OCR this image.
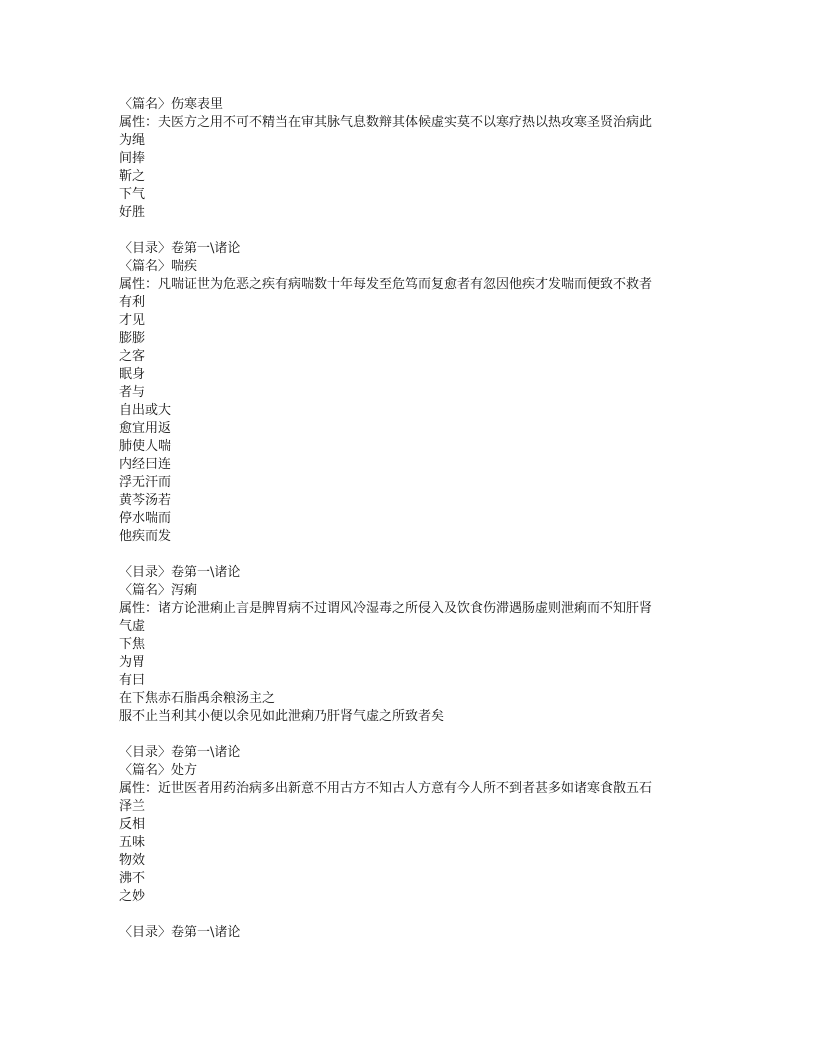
〈篇名〉伤寒表里
属性：夫医方之用不可不精当在审其脉气息数辩其体候虚实莫不以寒疗热以热攻寒圣贤治病此
为绳
间捧
靳之
下气
好胜
〈目录〉卷第一\诸论
〈篇名〉喘疾
属性：凡喘证世为危恶之疾有病喘数十年每发至危笃而复愈者有忽因他疾才发喘而便致不救者
有利
才见
膨膨
之客
眠身
者与
自出或大
愈宜用返
肺使人喘
内经曰连
浮无汗而
黄芩汤若
停水喘而
他疾而发
〈目录〉卷第一\诸论
〈篇名〉泻痢
属性：诸方论泄痢止言是脾胃病不过谓风冷湿毒之所侵入及饮食伤滞遇肠虚则泄痢而不知肝肾
气虚
下焦
为胃
有曰
在下焦赤石脂禹余粮汤主之
服不止当利其小便以余见如此泄痢乃肝肾气虚之所致者矣
〈目录〉卷第一\诸论
〈篇名〉处方
属性：近世医者用药治病多出新意不用古方不知古人方意有今人所不到者甚多如诸寒食散五石
泽兰
反相
五味
物效
沸不
之妙
〈目录〉卷第一\诸论
